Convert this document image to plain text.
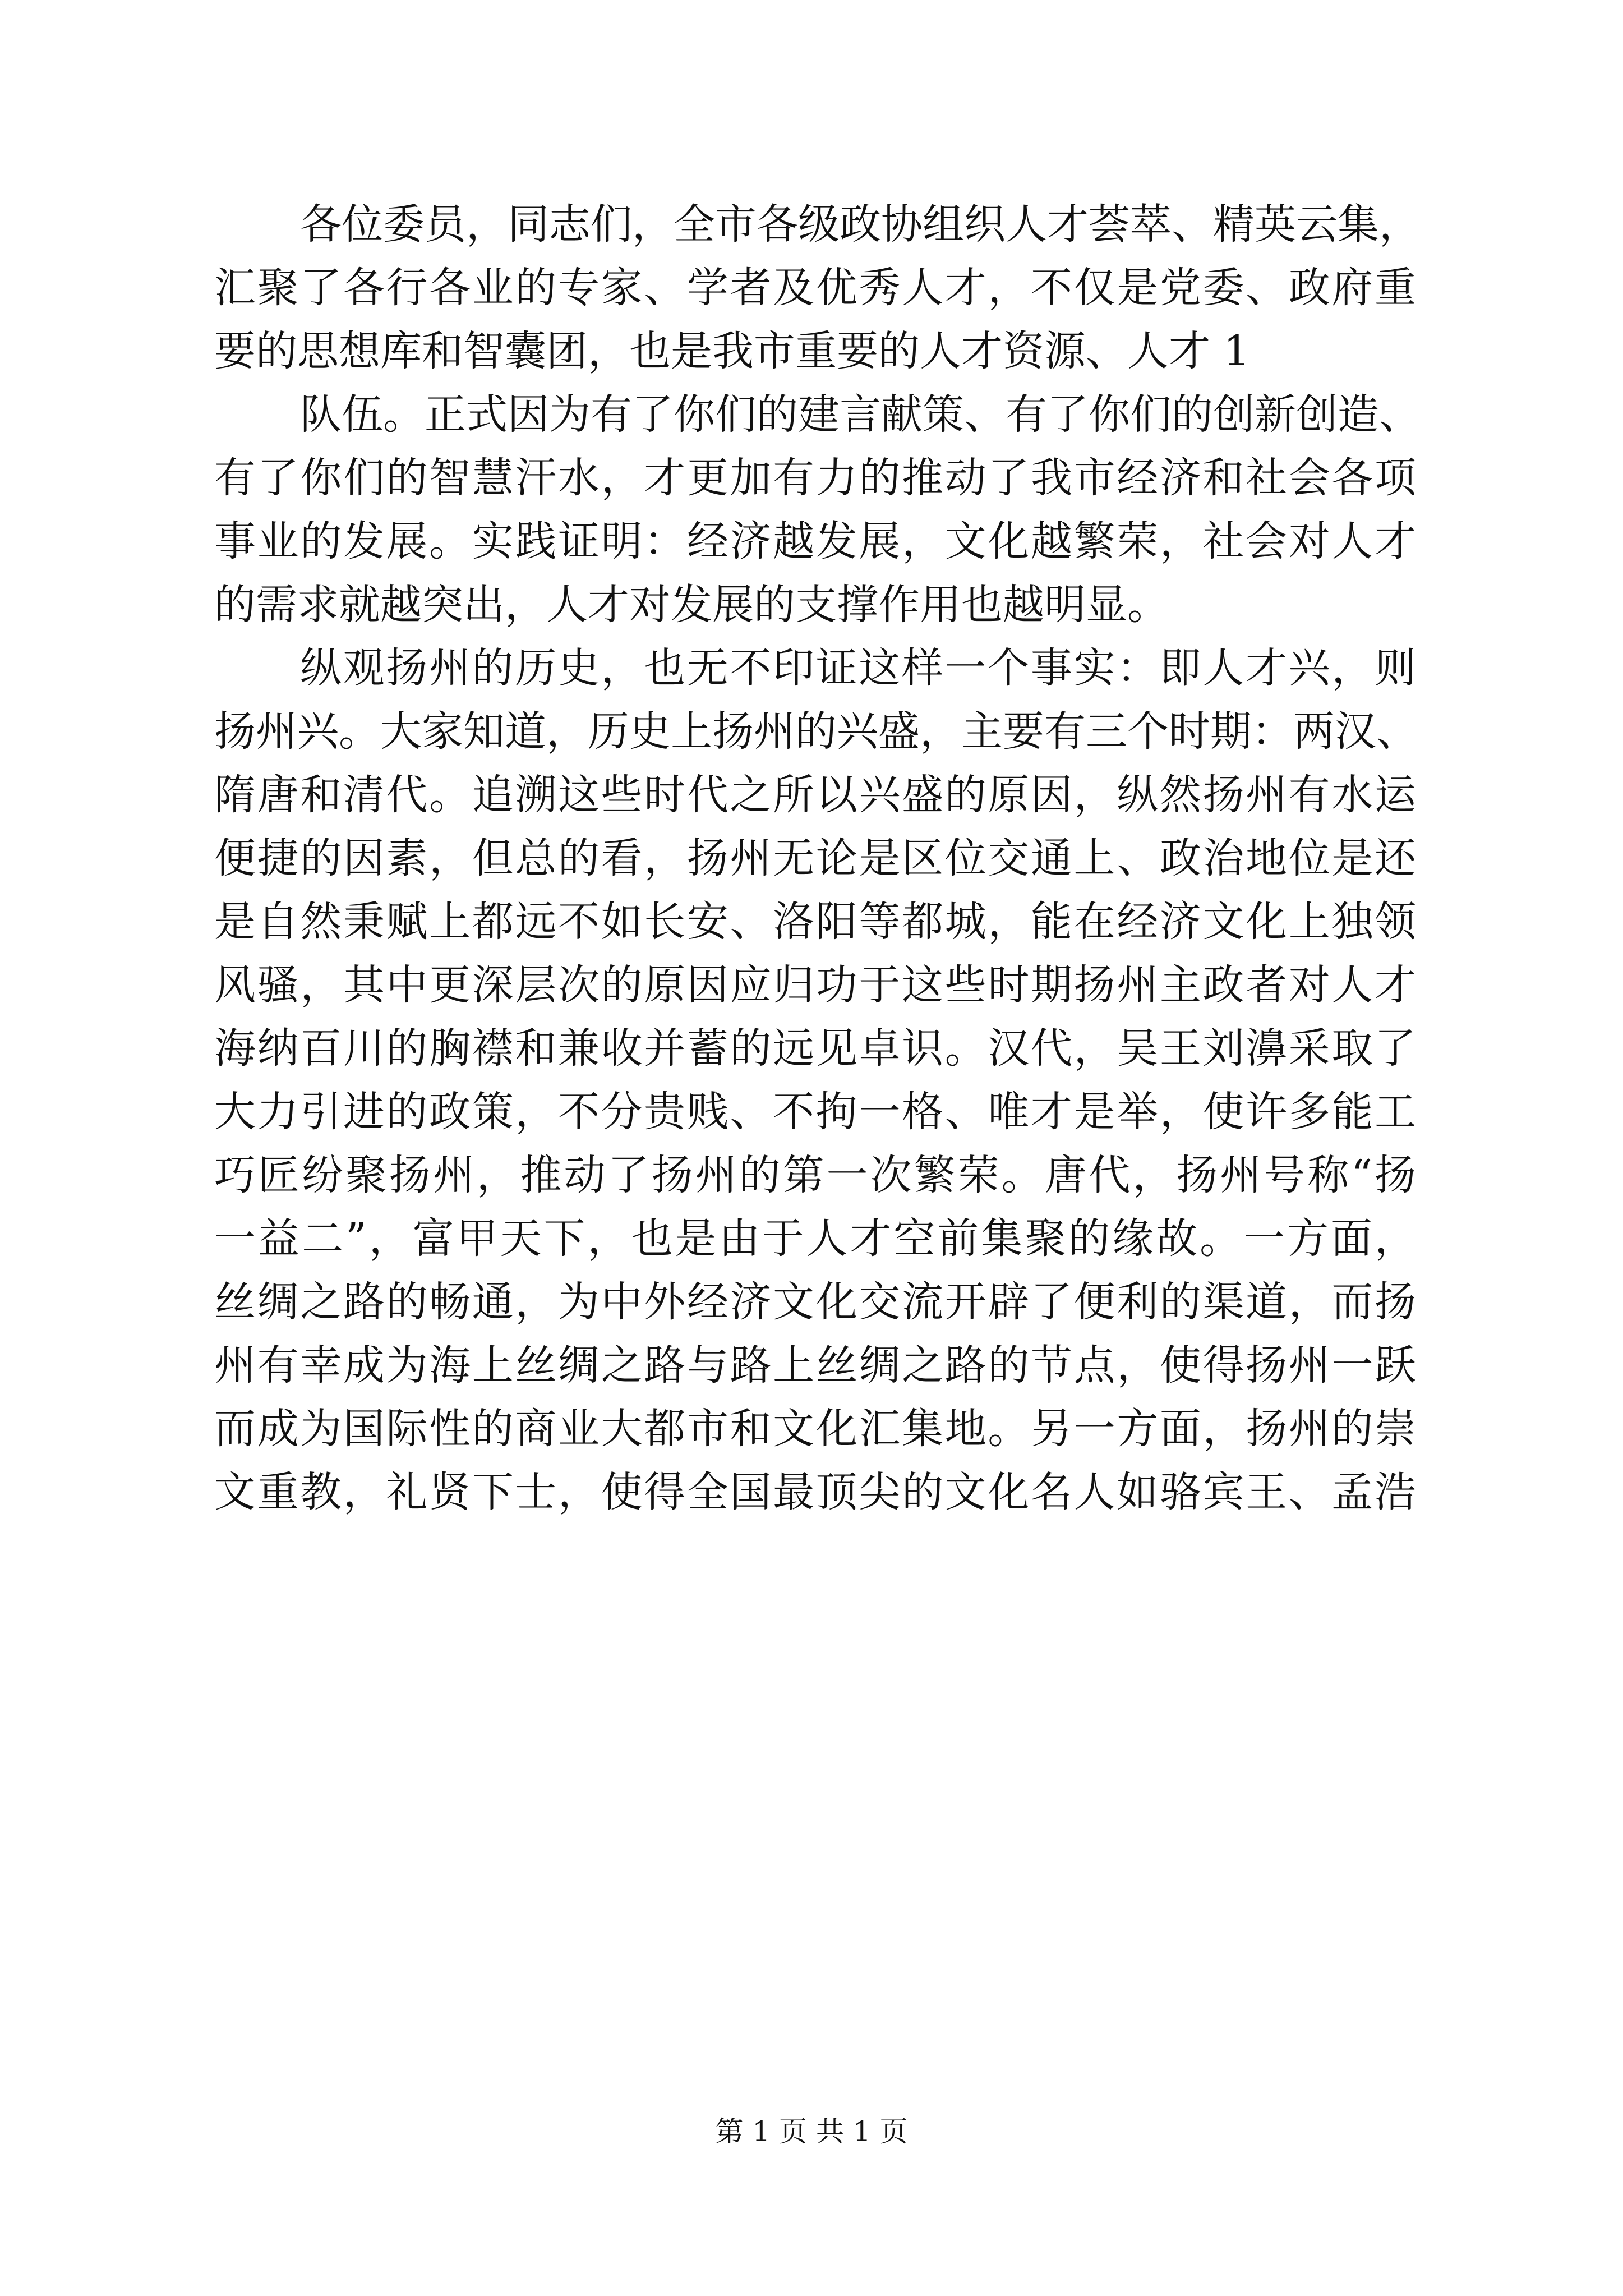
各位委员，同志们，全市各级政协组织人才荟萃、精英云集，
汇聚了各行各业的专家、学者及优秀人才，不仅是党委、政府重
要的思想库和智囊团，也是我市重要的人才资源、人才 1
队伍。正式因为有了你们的建言献策、有了你们的创新创造、
有了你们的智慧汗水，才更加有力的推动了我市经济和社会各项
事业的发展。实践证明：经济越发展，文化越繁荣，社会对人才
的需求就越突出，人才对发展的支撑作用也越明显。
纵观扬州的历史，也无不印证这样一个事实：即人才兴，则
扬州兴。大家知道，历史上扬州的兴盛，主要有三个时期：两汉、
隋唐和清代。追溯这些时代之所以兴盛的原因，纵然扬州有水运
便捷的因素，但总的看，扬州无论是区位交通上、政治地位是还
是自然秉赋上都远不如长安、洛阳等都城，能在经济文化上独领
风骚，其中更深层次的原因应归功于这些时期扬州主政者对人才
海纳百川的胸襟和兼收并蓄的远见卓识。汉代，吴王刘濞采取了
大力引进的政策，不分贵贱、不拘一格、唯才是举，使许多能工
巧匠纷聚扬州，推动了扬州的第一次繁荣。唐代，扬州号称“扬
一益二”，富甲天下，也是由于人才空前集聚的缘故。一方面，
丝绸之路的畅通，为中外经济文化交流开辟了便利的渠道，而扬
州有幸成为海上丝绸之路与路上丝绸之路的节点，使得扬州一跃
而成为国际性的商业大都市和文化汇集地。另一方面，扬州的崇
文重教，礼贤下士，使得全国最顶尖的文化名人如骆宾王、孟浩
第 1 页 共 1 页
